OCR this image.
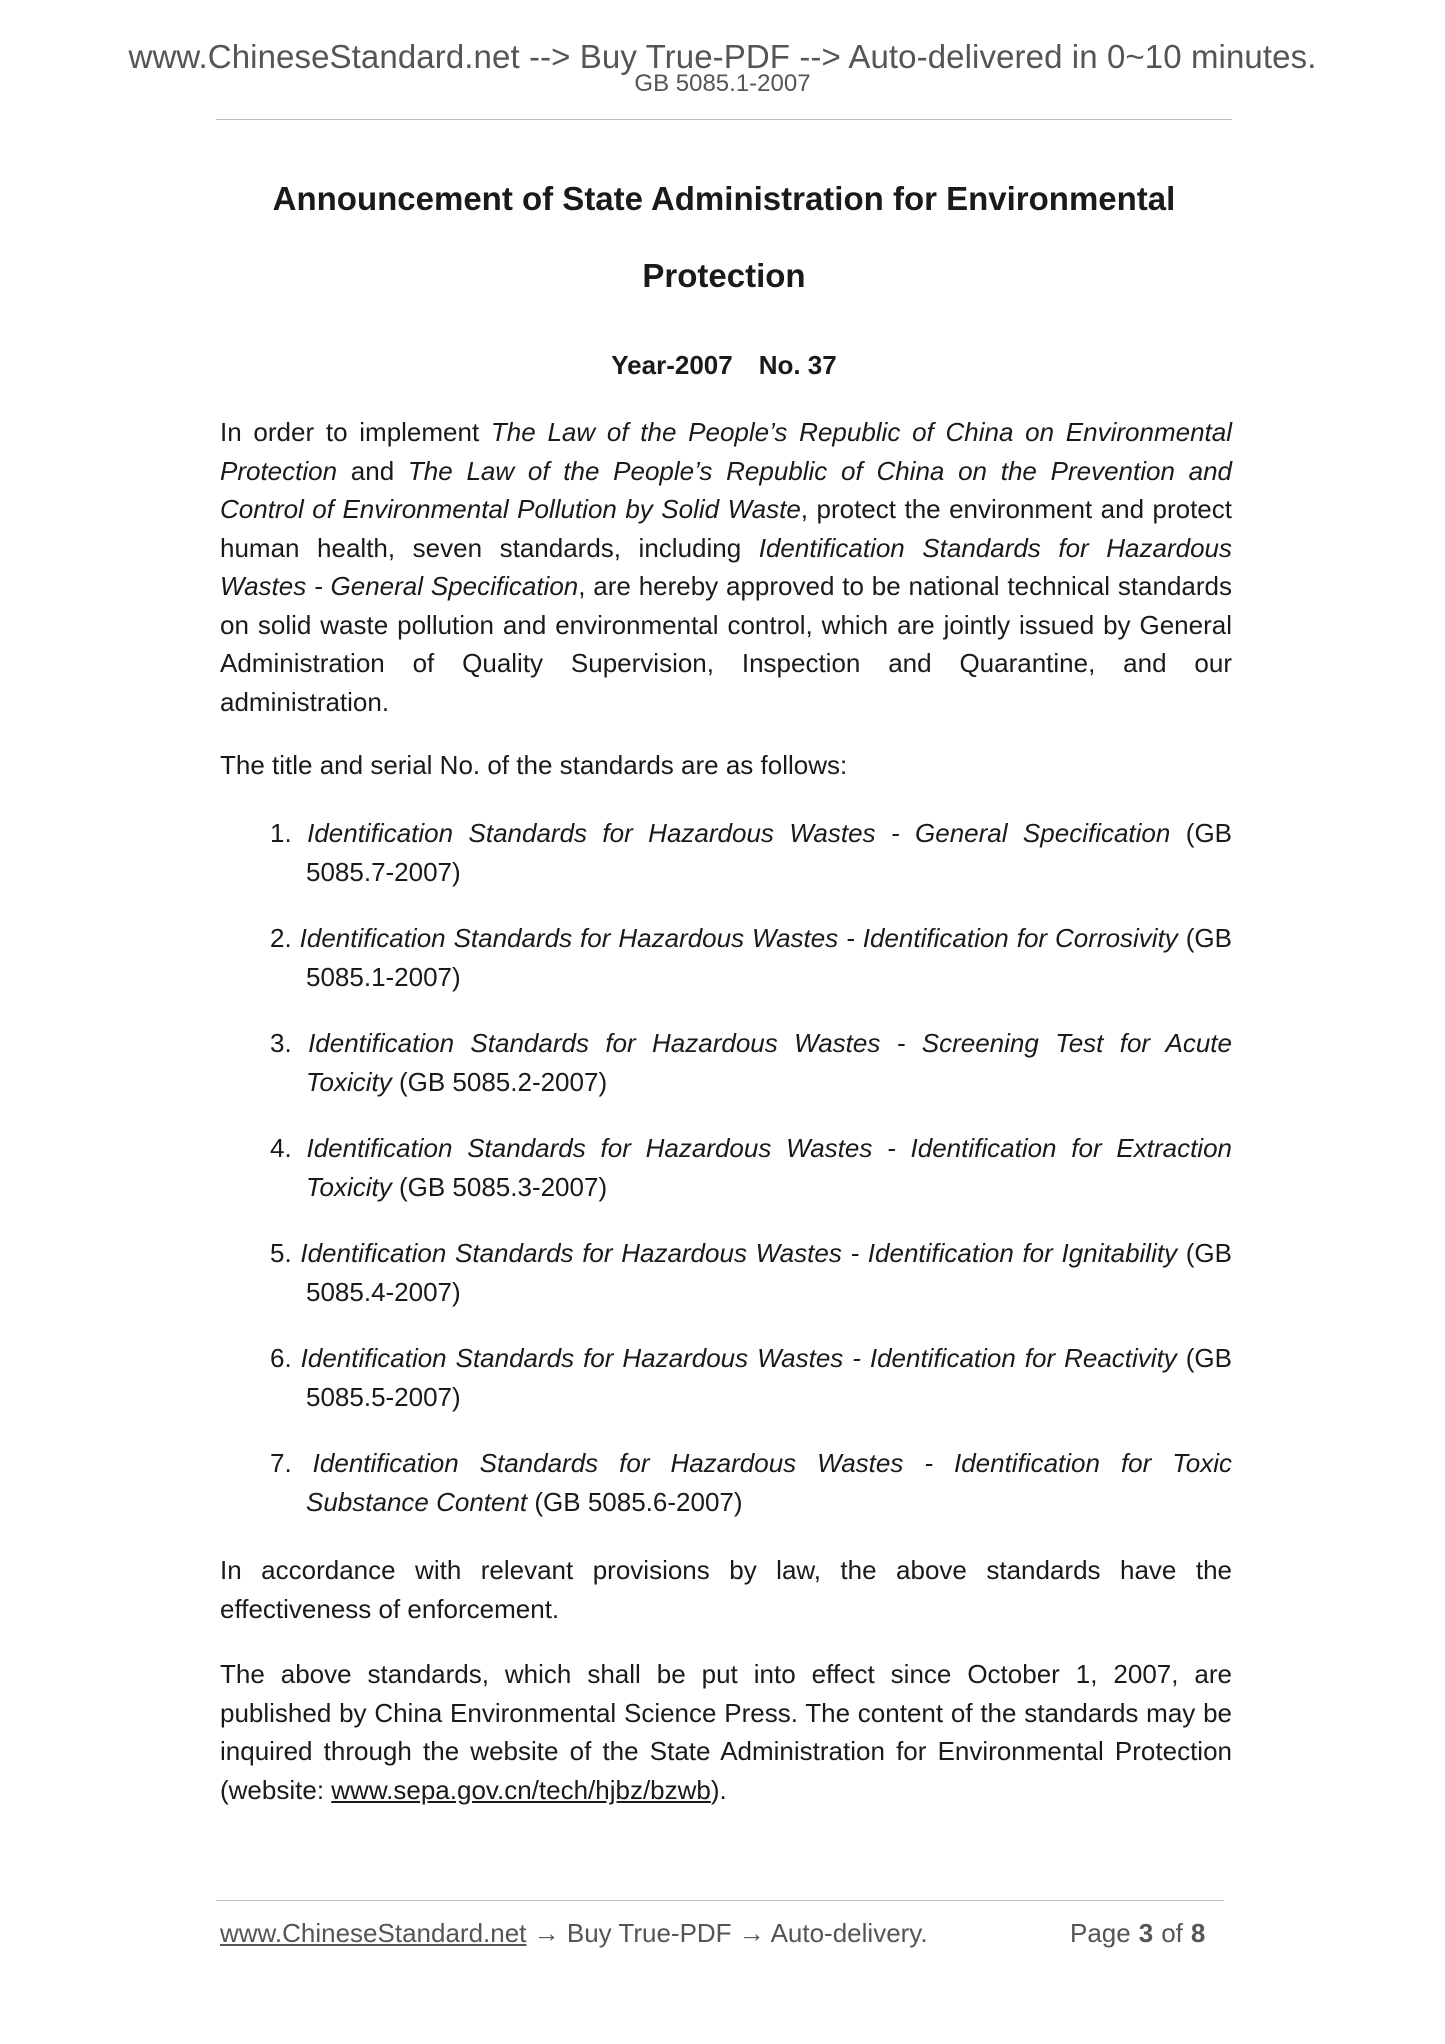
www.ChineseStandard.net --> Buy True-PDF --> Auto-delivered in 0~10 minutes.
GB 5085.1-2007
Announcement of State Administration for Environmental
Protection
Year-2007 No. 37
In order to implement The Law of the People’s Republic of China on Environmental Protection and The Law of the People’s Republic of China on the Prevention and Control of Environmental Pollution by Solid Waste, protect the environment and protect human health, seven standards, including Identification Standards for Hazardous Wastes - General Specification, are hereby approved to be national technical standards on solid waste pollution and environmental control, which are jointly issued by General Administration of Quality Supervision, Inspection and Quarantine, and our administration.
The title and serial No. of the standards are as follows:
1. Identification Standards for Hazardous Wastes - General Specification (GB 5085.7-2007)
2. Identification Standards for Hazardous Wastes - Identification for Corrosivity (GB 5085.1-2007)
3. Identification Standards for Hazardous Wastes - Screening Test for Acute Toxicity (GB 5085.2-2007)
4. Identification Standards for Hazardous Wastes - Identification for Extraction Toxicity (GB 5085.3-2007)
5. Identification Standards for Hazardous Wastes - Identification for Ignitability (GB 5085.4-2007)
6. Identification Standards for Hazardous Wastes - Identification for Reactivity (GB 5085.5-2007)
7. Identification Standards for Hazardous Wastes - Identification for Toxic Substance Content (GB 5085.6-2007)
In accordance with relevant provisions by law, the above standards have the effectiveness of enforcement.
The above standards, which shall be put into effect since October 1, 2007, are published by China Environmental Science Press. The content of the standards may be inquired through the website of the State Administration for Environmental Protection (website: www.sepa.gov.cn/tech/hjbz/bzwb).
www.ChineseStandard.net → Buy True-PDF → Auto-delivery.	Page 3 of 8
